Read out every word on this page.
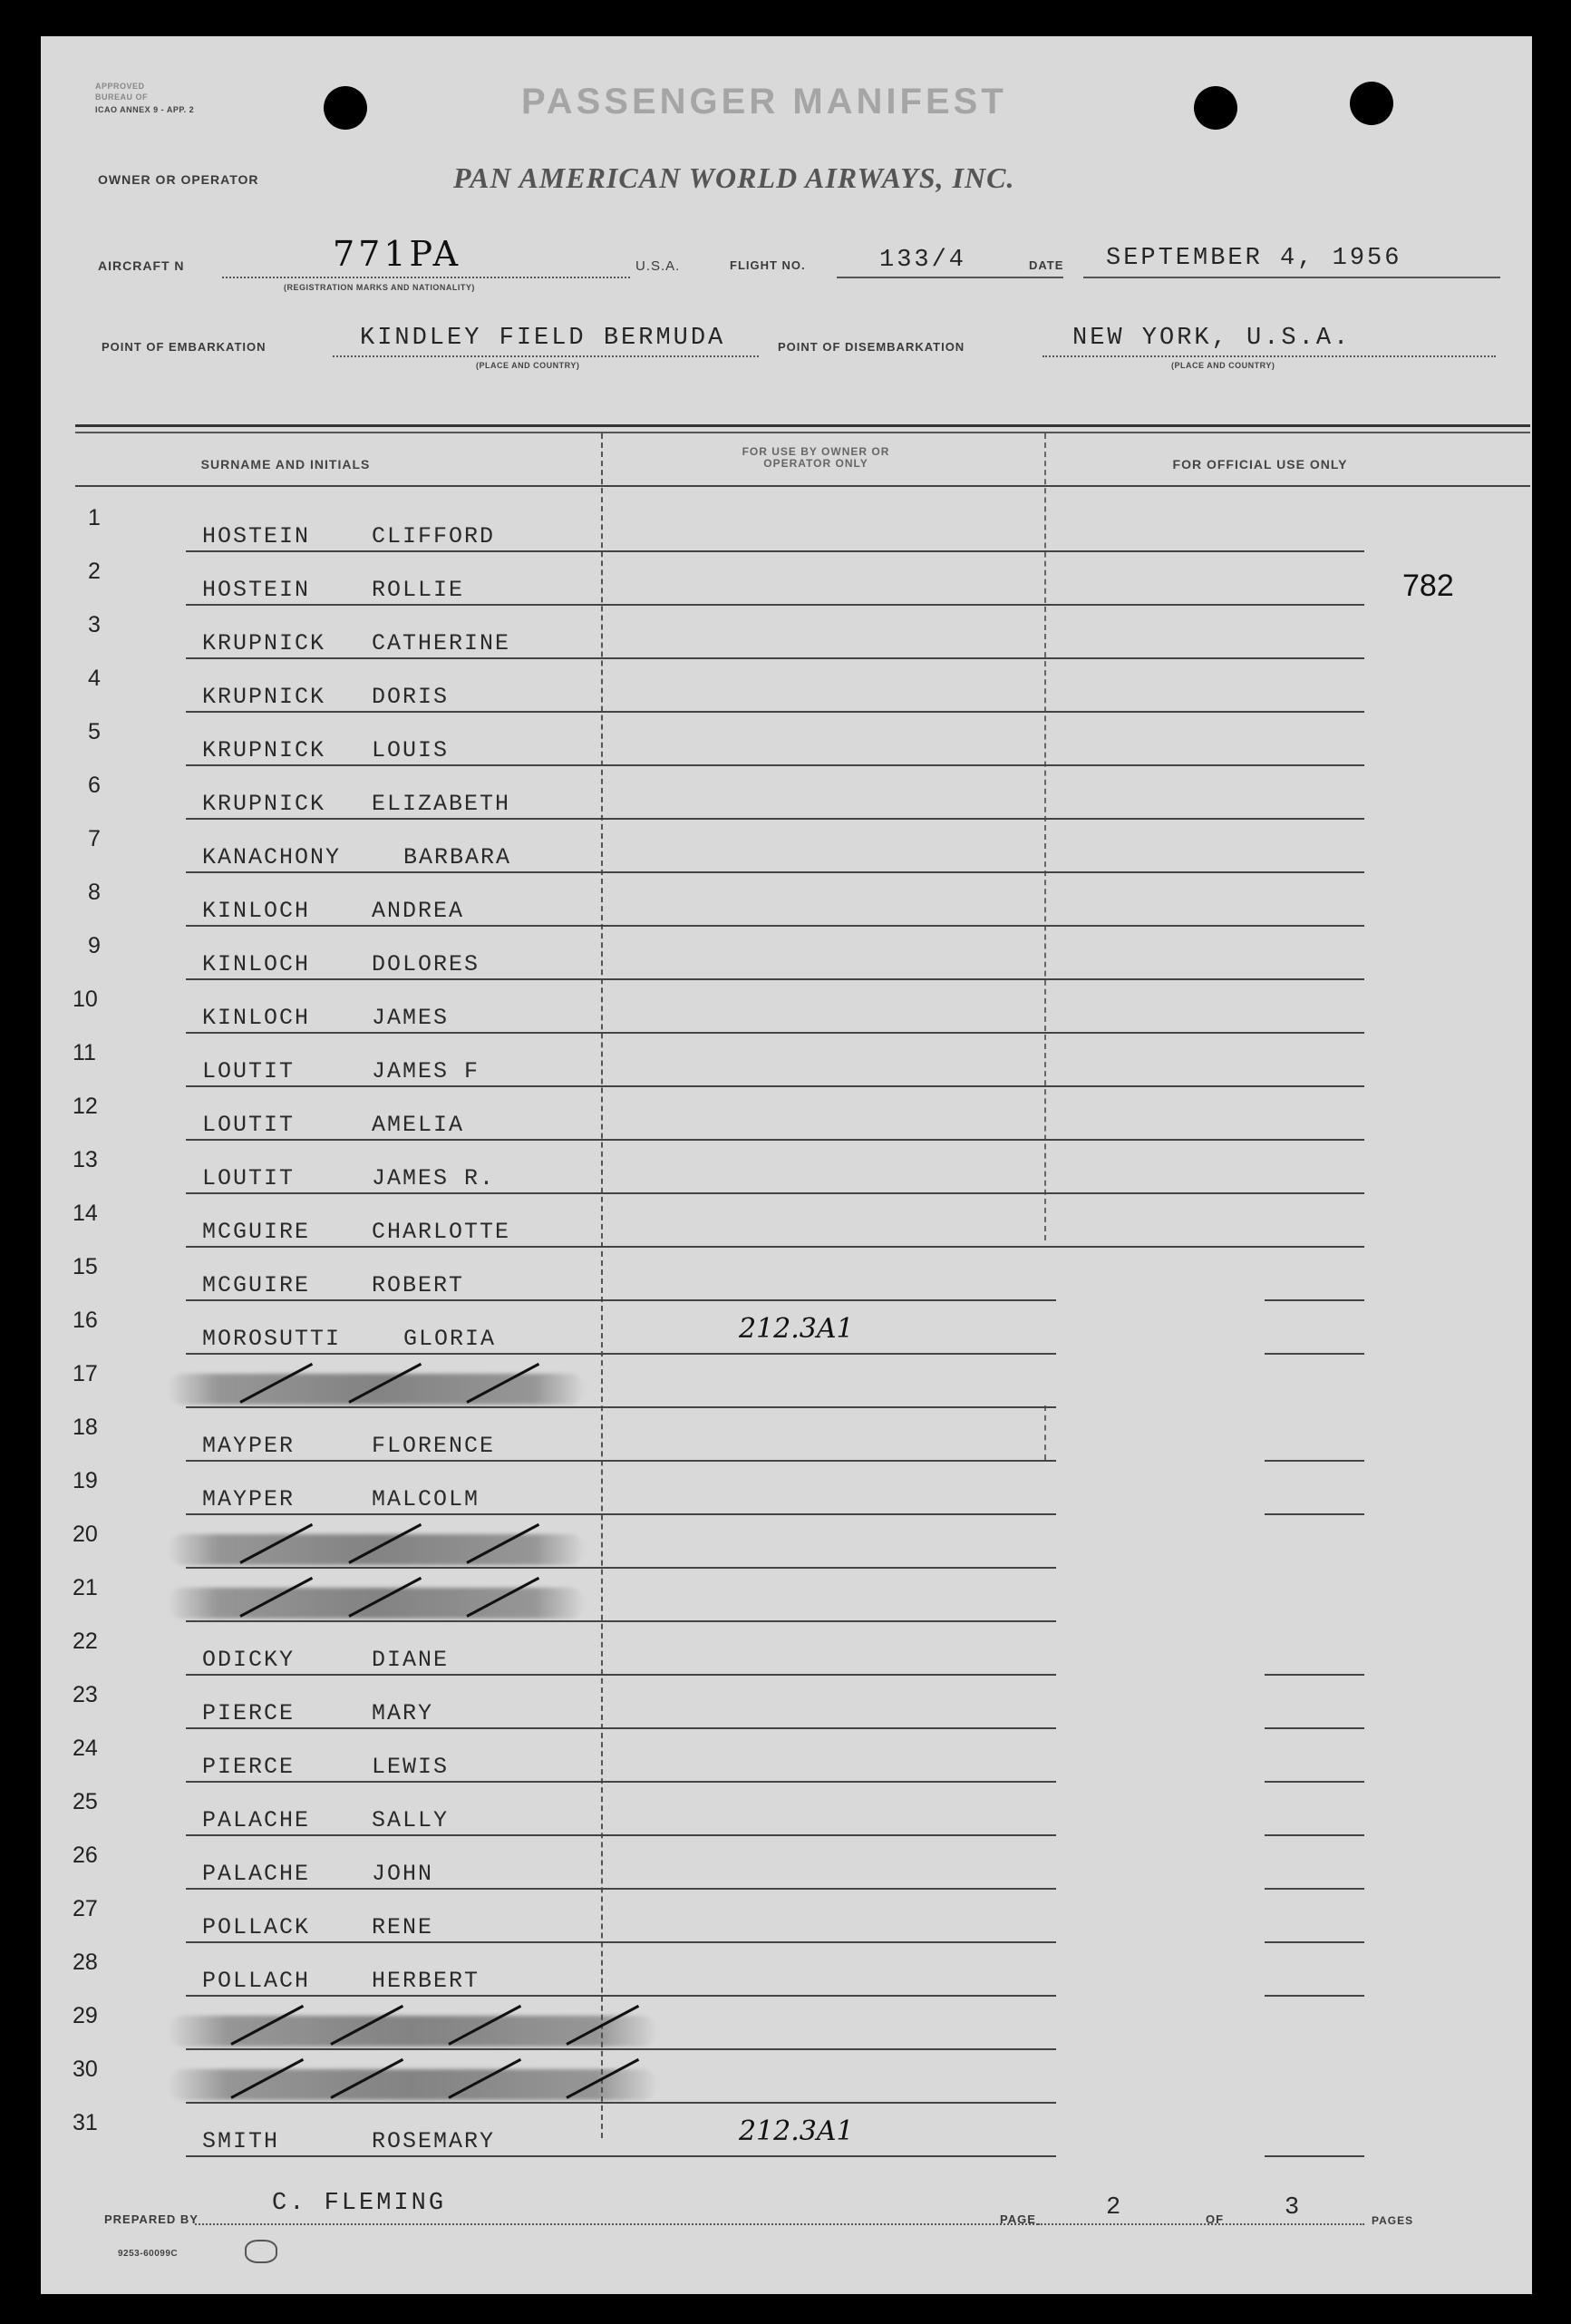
APPROVED
BUREAU OF
ICAO ANNEX 9 - APP. 2	PASSENGER MANIFEST
OWNER OR OPERATOR	PAN AMERICAN WORLD AIRWAYS, INC.
AIRCRAFT N	771PA
(REGISTRATION MARKS AND NATIONALITY)
U.S.A.	FLIGHT NO.	133/4	DATE SEPTEMBER 4, 1956
POINT OF EMBARKATION	KINDLEY FIELD BERMUDA
(PLACE AND COUNTRY)
POINT OF DISEMBARKATION	NEW YORK, U.S.A.
(PLACE AND COUNTRY)
SURNAME AND INITIALS
FOR USE BY OWNER OR OPERATOR ONLY	FOR OFFICIAL USE ONLY
782
1
HOSTEIN	CLIFFORD
2
HOSTEIN	ROLLIE
3
KRUPNICK CATHERINE
4
KRUPNICK DORIS
5
KRUPNICK LOUIS
6
KRUPNICK ELIZABETH
7
KANACHONY	BARBARA
8
KINLOCH	ANDREA
9
KINLOCH	DOLORES
10
KINLOCH	JAMES
11
LOUTIT	JAMES F
12
LOUTIT	AMELIA
13
LOUTIT	JAMES R.
14
MCGUIRE	CHARLOTTE
15
MCGUIRE	ROBERT
16
MOROSUTTI	GLORIA	212.3A1
17
18
MAYPER	FLORENCE
19
MAYPER	MALCOLM
20
21
22
ODICKY	DIANE
23
PIERCE	MARY
24
PIERCE	LEWIS
25
PALACHE	SALLY
26
PALACHE	JOHN
27
POLLACK	RENE
28
POLLACH	HERBERT
29
30
31
SMITH	ROSEMARY	212.3A1
PREPARED BY
C. FLEMING
PAGE	2	OF 3	PAGES
9253-60099C
